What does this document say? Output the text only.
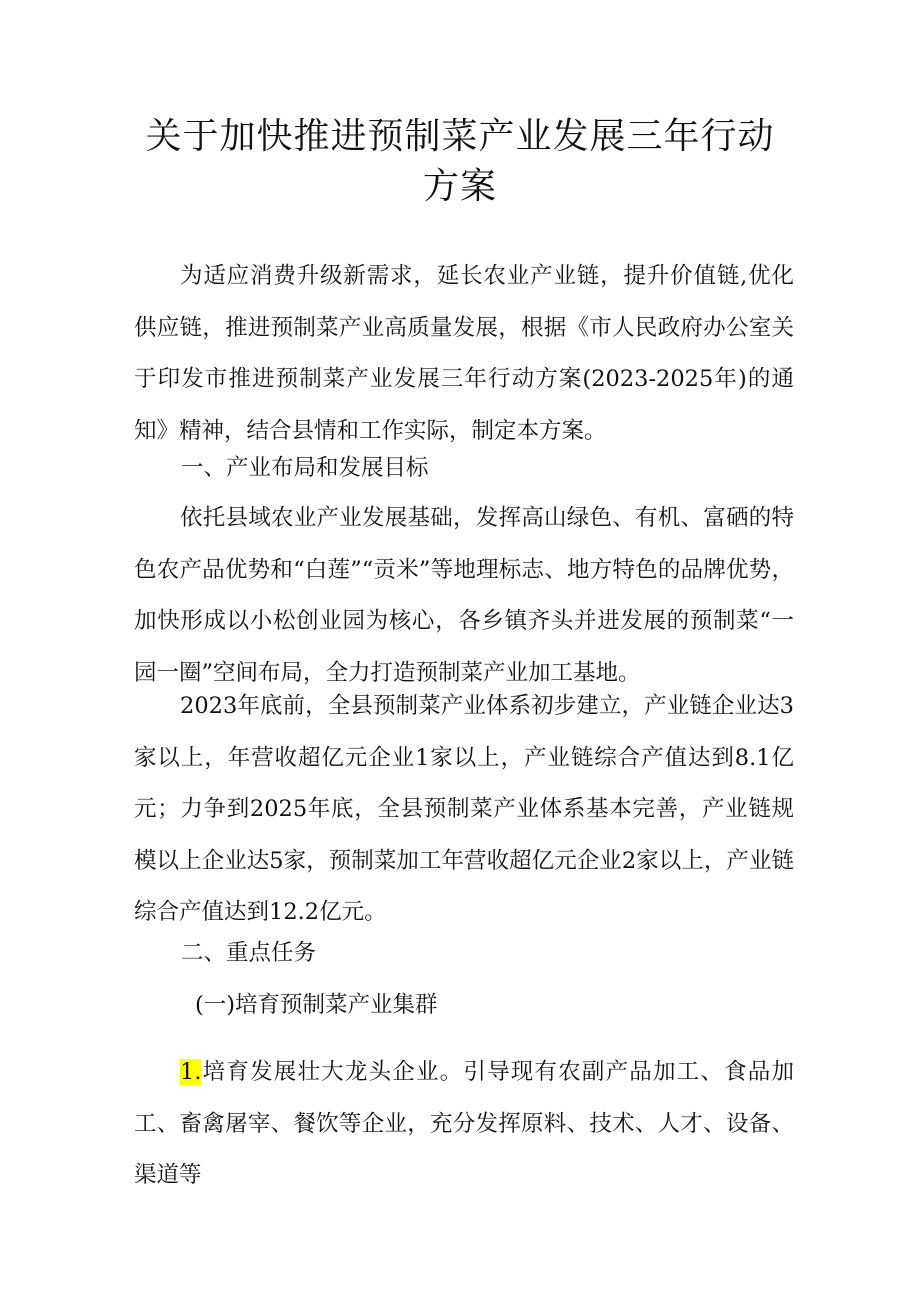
关于加快推进预制菜产业发展三年行动方案

为适应消费升级新需求，延长农业产业链，提升价值链,优化供应链，推进预制菜产业高质量发展，根据《市人民政府办公室关于印发市推进预制菜产业发展三年行动方案(2023-2025年)的通知》精神，结合县情和工作实际，制定本方案。

一、产业布局和发展目标

依托县域农业产业发展基础，发挥高山绿色、有机、富硒的特色农产品优势和“白莲”“贡米”等地理标志、地方特色的品牌优势，加快形成以小松创业园为核心，各乡镇齐头并进发展的预制菜“一园一圈”空间布局，全力打造预制菜产业加工基地。

2023年底前，全县预制菜产业体系初步建立，产业链企业达3家以上，年营收超亿元企业1家以上，产业链综合产值达到8.1亿元；力争到2025年底，全县预制菜产业体系基本完善，产业链规模以上企业达5家，预制菜加工年营收超亿元企业2家以上，产业链综合产值达到12.2亿元。

二、重点任务

(一)培育预制菜产业集群

1.培育发展壮大龙头企业。引导现有农副产品加工、食品加工、畜禽屠宰、餐饮等企业，充分发挥原料、技术、人才、设备、渠道等
